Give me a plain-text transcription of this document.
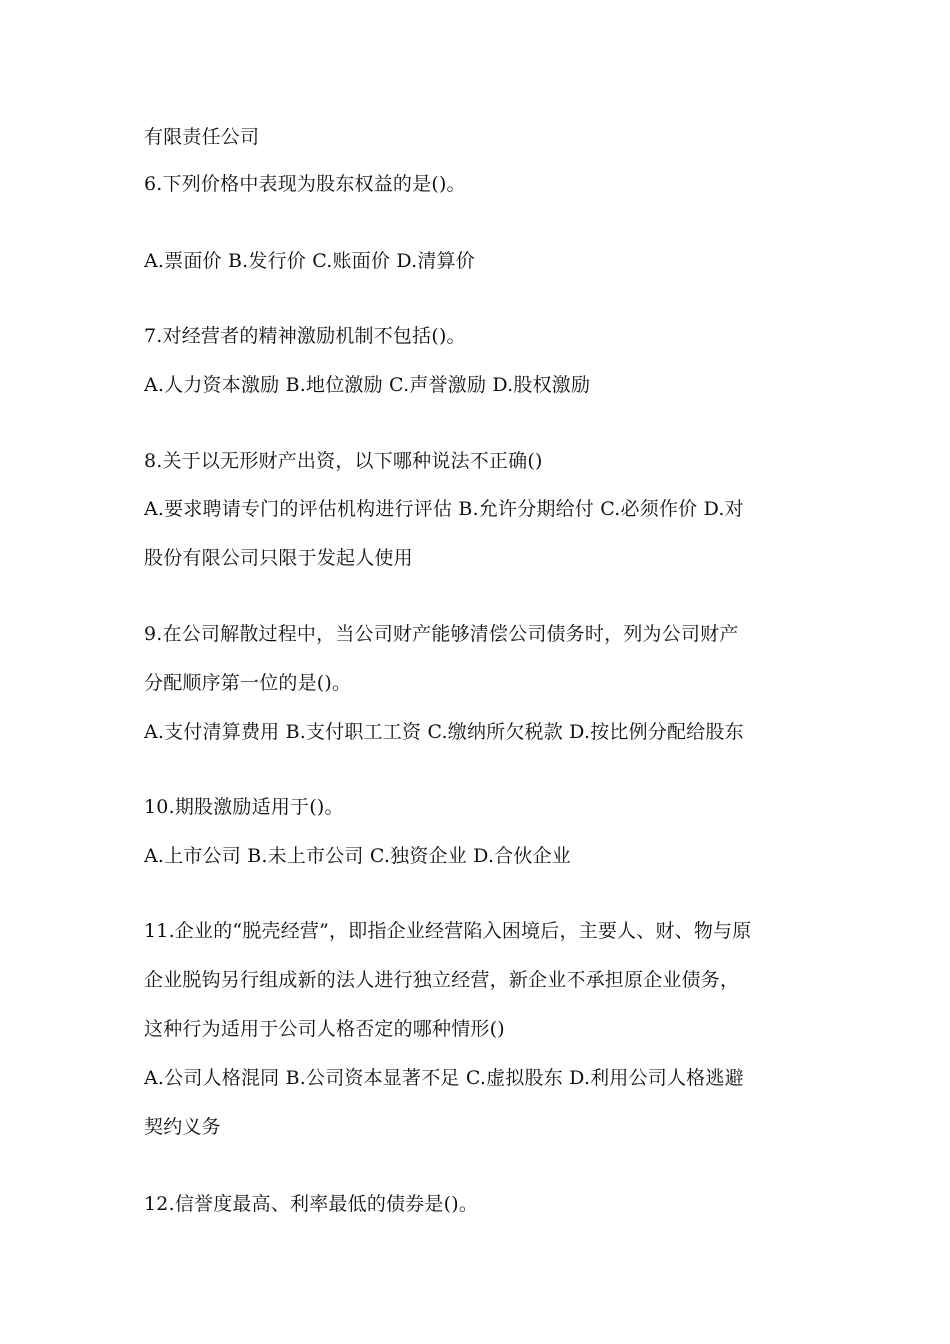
有限责任公司
6.下列价格中表现为股东权益的是()。
A.票面价 B.发行价 C.账面价 D.清算价
7.对经营者的精神激励机制不包括()。
A.人力资本激励 B.地位激励 C.声誉激励 D.股权激励
8.关于以无形财产出资，以下哪种说法不正确()
A.要求聘请专门的评估机构进行评估 B.允许分期给付 C.必须作价 D.对
股份有限公司只限于发起人使用
9.在公司解散过程中，当公司财产能够清偿公司债务时，列为公司财产
分配顺序第一位的是()。
A.支付清算费用 B.支付职工工资 C.缴纳所欠税款 D.按比例分配给股东
10.期股激励适用于()。
A.上市公司 B.未上市公司 C.独资企业 D.合伙企业
11.企业的“脱壳经营”，即指企业经营陷入困境后，主要人、财、物与原
企业脱钩另行组成新的法人进行独立经营，新企业不承担原企业债务，
这种行为适用于公司人格否定的哪种情形()
A.公司人格混同 B.公司资本显著不足 C.虚拟股东 D.利用公司人格逃避
契约义务
12.信誉度最高、利率最低的债券是()。
